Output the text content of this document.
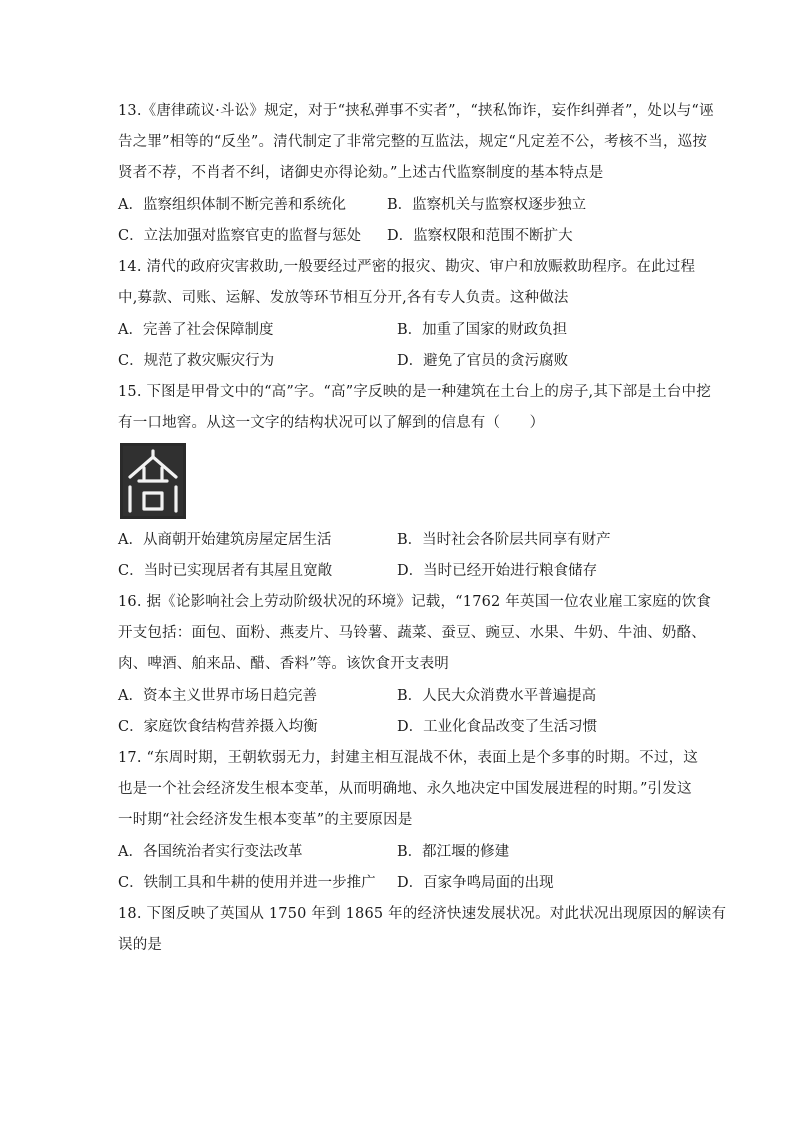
13.《唐律疏议·斗讼》规定，对于“挟私弹事不实者”，“挟私饰诈，妄作纠弹者”，处以与“诬
告之罪”相等的“反坐”。清代制定了非常完整的互监法，规定“凡定差不公，考核不当，巡按
贤者不荐，不肖者不纠，诸御史亦得论劾。”上述古代监察制度的基本特点是
A．监察组织体制不断完善和系统化	B．监察机关与监察权逐步独立
C．立法加强对监察官吏的监督与惩处 D．监察权限和范围不断扩大
14. 清代的政府灾害救助,一般要经过严密的报灾、勘灾、审户和放赈救助程序。在此过程
中,募款、司账、运解、发放等环节相互分开,各有专人负责。这种做法
A．完善了社会保障制度	B．加重了国家的财政负担
C．规范了救灾赈灾行为	D．避免了官员的贪污腐败
15. 下图是甲骨文中的“高”字。“高”字反映的是一种建筑在土台上的房子,其下部是土台中挖
有一口地窖。从这一文字的结构状况可以了解到的信息有（　　）
A．从商朝开始建筑房屋定居生活	B．当时社会各阶层共同享有财产
C．当时已实现居者有其屋且宽敞	D．当时已经开始进行粮食储存
16. 据《论影响社会上劳动阶级状况的环境》记载，“1762 年英国一位农业雇工家庭的饮食
开支包括：面包、面粉、燕麦片、马铃薯、蔬菜、蚕豆、豌豆、水果、牛奶、牛油、奶酪、
肉、啤酒、舶来品、醋、香料”等。该饮食开支表明
A．资本主义世界市场日趋完善	B．人民大众消费水平普遍提高
C．家庭饮食结构营养摄入均衡	D．工业化食品改变了生活习惯
17. “东周时期，王朝软弱无力，封建主相互混战不休，表面上是个多事的时期。不过，这
也是一个社会经济发生根本变革，从而明确地、永久地决定中国发展进程的时期。”引发这
一时期“社会经济发生根本变革”的主要原因是
A．各国统治者实行变法改革	B．都江堰的修建
C．铁制工具和牛耕的使用并进一步推广 D．百家争鸣局面的出现
18. 下图反映了英国从 1750 年到 1865 年的经济快速发展状况。对此状况出现原因的解读有
误的是
